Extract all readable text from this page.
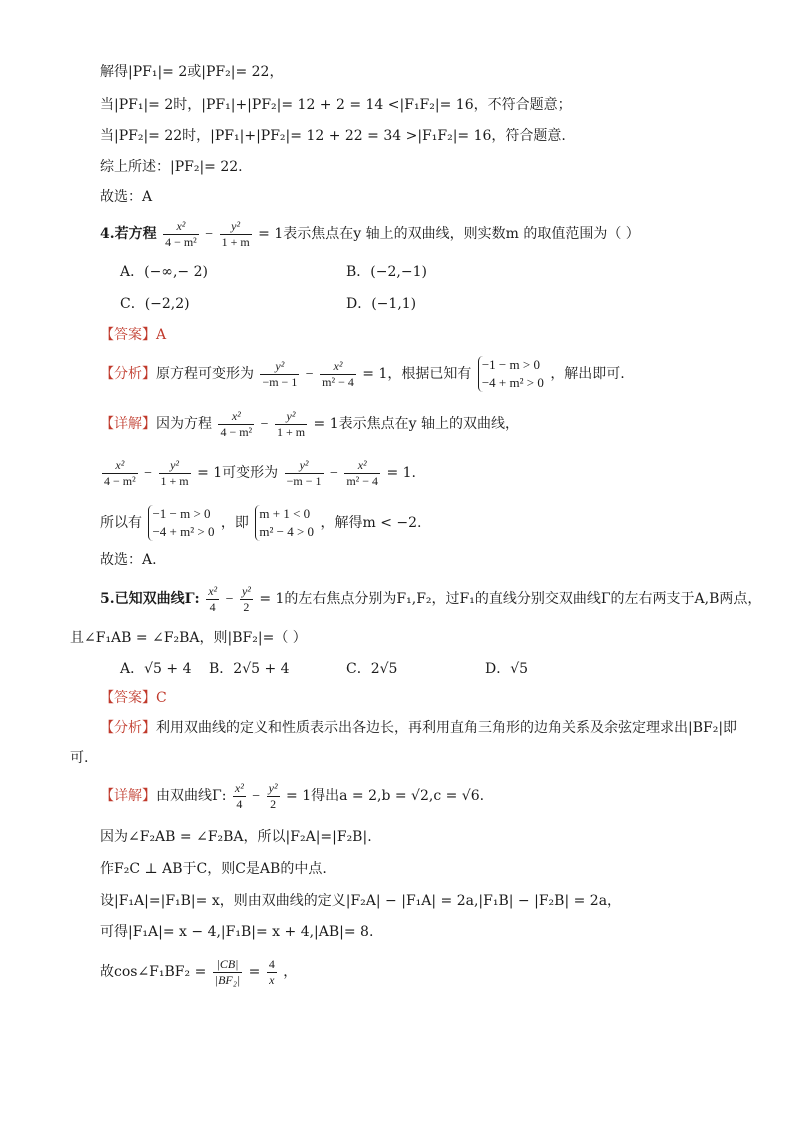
解得|PF₁|= 2或|PF₂|= 22，
当|PF₁|= 2时，|PF₁|+|PF₂|= 12 + 2 = 14 <|F₁F₂|= 16，不符合题意；
当|PF₂|= 22时，|PF₁|+|PF₂|= 12 + 22 = 34 >|F₁F₂|= 16，符合题意.
综上所述：|PF₂|= 22.
故选：A
4.若方程 $\frac{\text{x²}}{\text{4 − m²}} - \frac{\text{y²}}{1 + m} = 1$表示焦点在y 轴上的双曲线，则实数m 的取值范围为（ ）
A．(−∞,− 2)	B．(−2,−1)
C．(−2,2)	D．(−1,1)
【答案】A
【分析】原方程可变形为 $\frac{\text{y²}}{-m - 1} - \frac{\text{x²}}{\text{m² − 4}} = 1$，根据已知有
−1 − m > 0
−4 + m² > 0
，解出即可.
【详解】因为方程 $\frac{\text{x²}}{\text{4 − m²}} - \frac{\text{y²}}{1 + m} = 1$表示焦点在y 轴上的双曲线，
$\frac{\text{x²}}{\text{4 − m²}} - \frac{\text{y²}}{1 + m} = 1$可变形为 $\frac{\text{y²}}{-m - 1} - \frac{\text{x²}}{\text{m² − 4}} = 1$.
所以有
−1 − m > 0
−4 + m² > 0
，即
m + 1 < 0
m² − 4 > 0
，解得m < −2.
故选：A.
5.已知双曲线Γ: $\frac{\text{x²}}{4} - \frac{\text{y²}}{2} = 1$的左右焦点分别为F₁,F₂，过F₁的直线分别交双曲线Γ的左右两支于A,B两点，
且∠F₁AB = ∠F₂BA，则|BF₂|=（ ）
A．√5 + 4 B．2√5 + 4	C．2√5	D．√5
【答案】C
【分析】利用双曲线的定义和性质表示出各边长，再利用直角三角形的边角关系及余弦定理求出|BF₂|即
可.
【详解】由双曲线Γ: $\frac{\text{x²}}{4} - \frac{\text{y²}}{2} = 1$得出a = 2,b = √2,c = √6.
因为∠F₂AB = ∠F₂BA，所以|F₂A|=|F₂B|.
作F₂C ⊥ AB于C，则C是AB的中点.
设|F₁A|=|F₁B|= x，则由双曲线的定义|F₂A| − |F₁A| = 2a,|F₁B| − |F₂B| = 2a，
可得|F₁A|= x − 4,|F₁B|= x + 4,|AB|= 8.
故cos∠F₁BF₂ = $\frac{|CB|}{\text{|BF₂|}} = \frac{4}{x}$ ，
